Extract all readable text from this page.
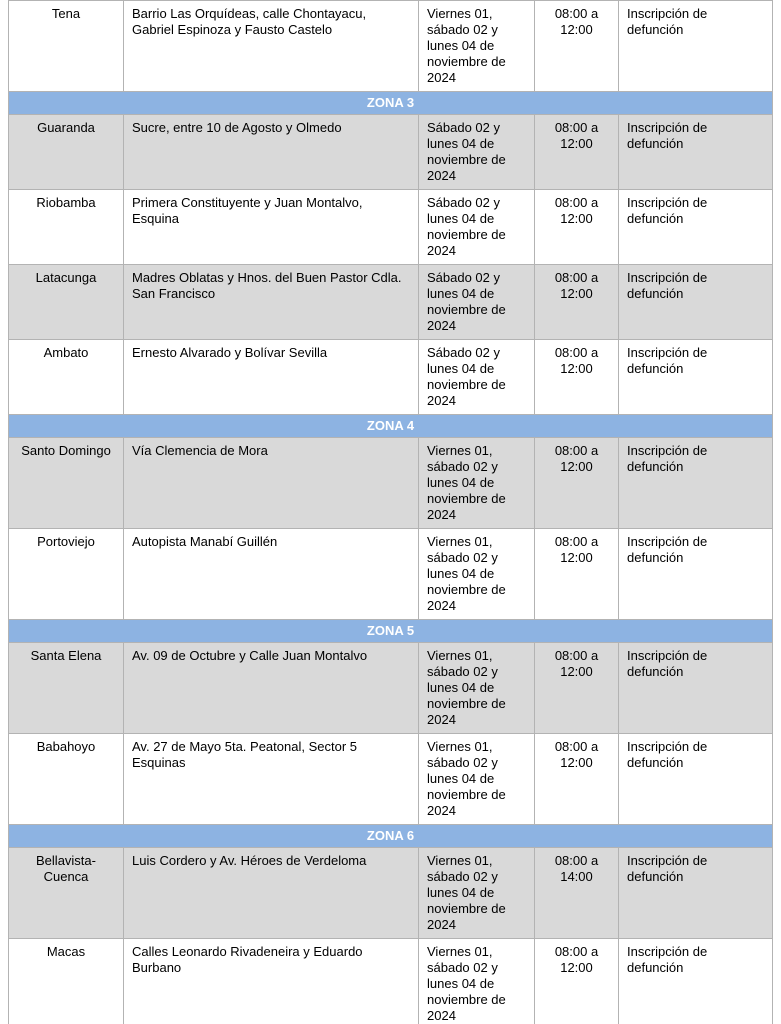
Tena	Barrio Las Orquídeas, calle Chontayacu, Gabriel Espinoza y Fausto Castelo	Viernes 01, sábado 02 y lunes 04 de noviembre de 2024	08:00 a 12:00	Inscripción de defunción
ZONA 3				
Guaranda	Sucre, entre 10 de Agosto y Olmedo	Sábado 02 y lunes 04 de noviembre de 2024	08:00 a 12:00	Inscripción de defunción
Riobamba	Primera Constituyente y Juan Montalvo, Esquina	Sábado 02 y lunes 04 de noviembre de 2024	08:00 a 12:00	Inscripción de defunción
Latacunga	Madres Oblatas y Hnos. del Buen Pastor Cdla. San Francisco	Sábado 02 y lunes 04 de noviembre de 2024	08:00 a 12:00	Inscripción de defunción
Ambato	Ernesto Alvarado y Bolívar Sevilla	Sábado 02 y lunes 04 de noviembre de 2024	08:00 a 12:00	Inscripción de defunción
ZONA 4				
Santo Domingo	Vía Clemencia de Mora	Viernes 01, sábado 02 y lunes 04 de noviembre de 2024	08:00 a 12:00	Inscripción de defunción
Portoviejo	Autopista Manabí Guillén	Viernes 01, sábado 02 y lunes 04 de noviembre de 2024	08:00 a 12:00	Inscripción de defunción
ZONA 5				
Santa Elena	Av. 09 de Octubre y Calle Juan Montalvo	Viernes 01, sábado 02 y lunes 04 de noviembre de 2024	08:00 a 12:00	Inscripción de defunción
Babahoyo	Av. 27 de Mayo 5ta. Peatonal, Sector 5 Esquinas	Viernes 01, sábado 02 y lunes 04 de noviembre de 2024	08:00 a 12:00	Inscripción de defunción
ZONA 6				
Bellavista-Cuenca	Luis Cordero y Av. Héroes de Verdeloma	Viernes 01, sábado 02 y lunes 04 de noviembre de 2024	08:00 a 14:00	Inscripción de defunción
Macas	Calles Leonardo Rivadeneira y Eduardo Burbano	Viernes 01, sábado 02 y lunes 04 de noviembre de 2024	08:00 a 12:00	Inscripción de defunción
